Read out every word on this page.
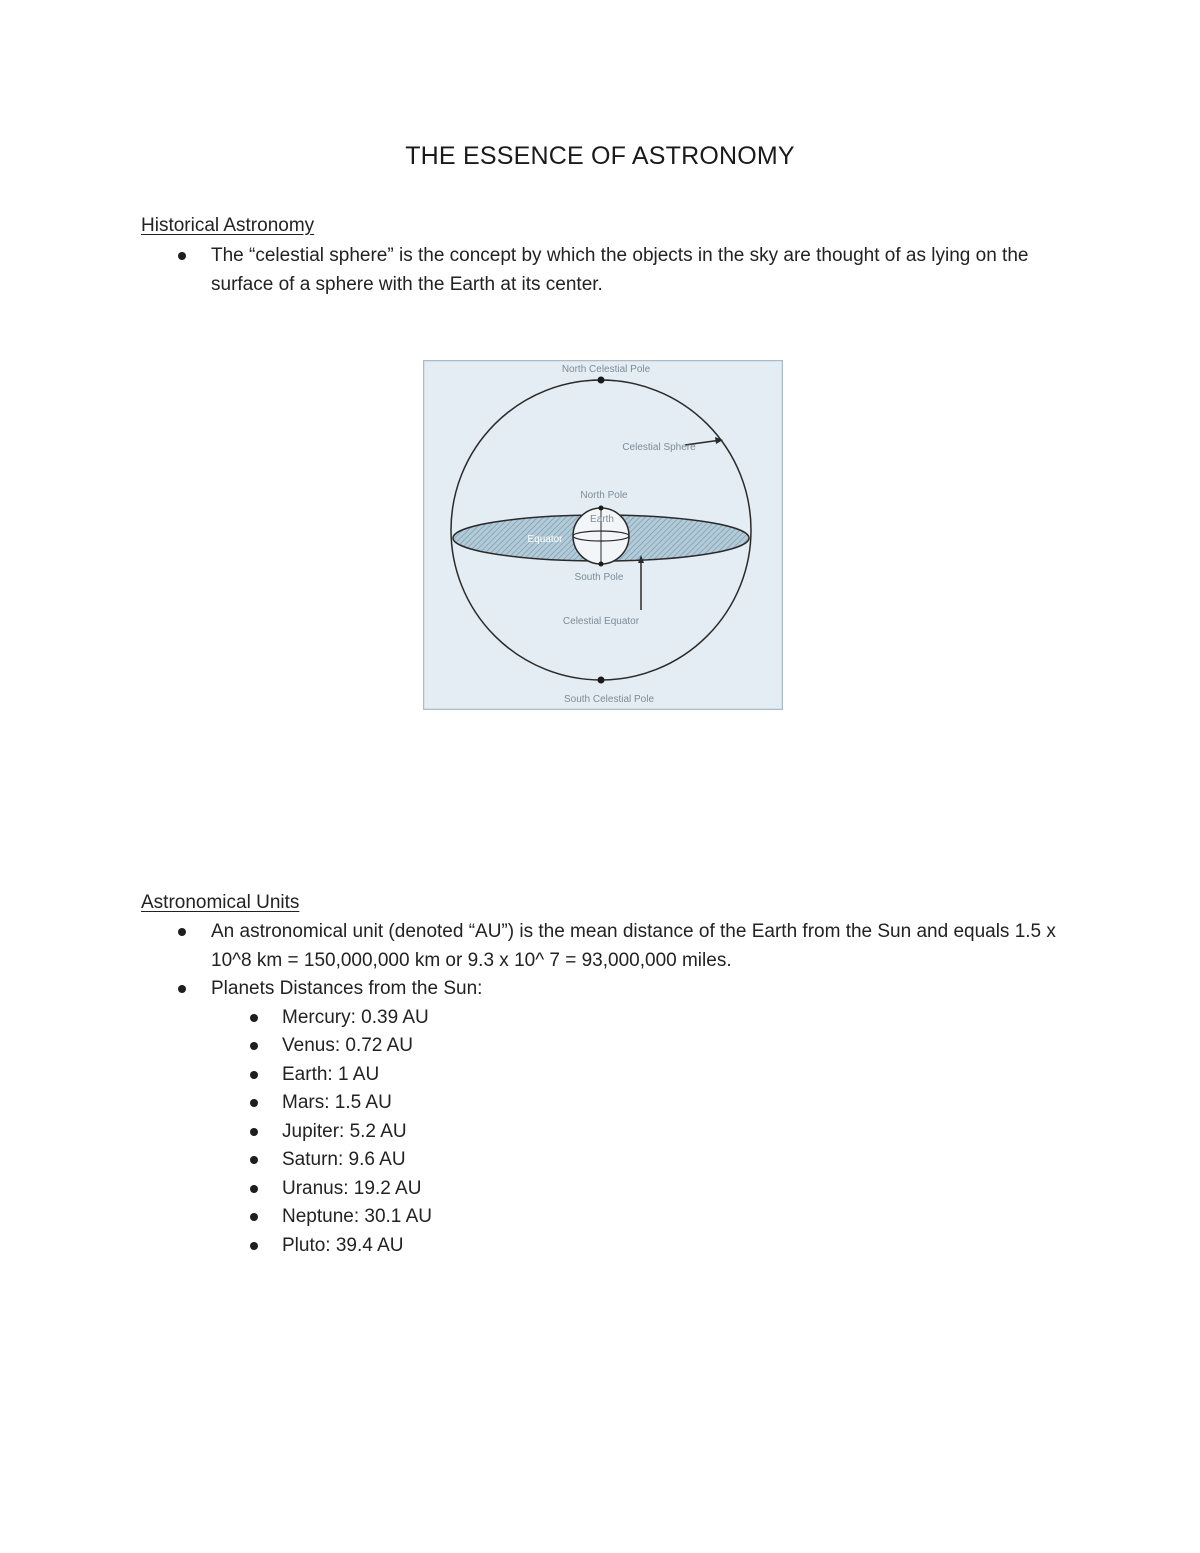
THE ESSENCE OF ASTRONOMY
Historical Astronomy
The “celestial sphere” is the concept by which the objects in the sky are thought of as lying on the surface of a sphere with the Earth at its center.
North Celestial Pole
Celestial Sphere
North Pole
Earth
Equator
South Pole
Celestial Equator
South Celestial Pole
Astronomical Units
An astronomical unit (denoted “AU”) is the mean distance of the Earth from the Sun and equals 1.5 x 10^8 km = 150,000,000 km or 9.3 x 10^ 7 = 93,000,000 miles.
Planets Distances from the Sun:
Mercury: 0.39 AU
Venus: 0.72 AU
Earth: 1 AU
Mars: 1.5 AU
Jupiter: 5.2 AU
Saturn: 9.6 AU
Uranus: 19.2 AU
Neptune: 30.1 AU
Pluto: 39.4 AU
